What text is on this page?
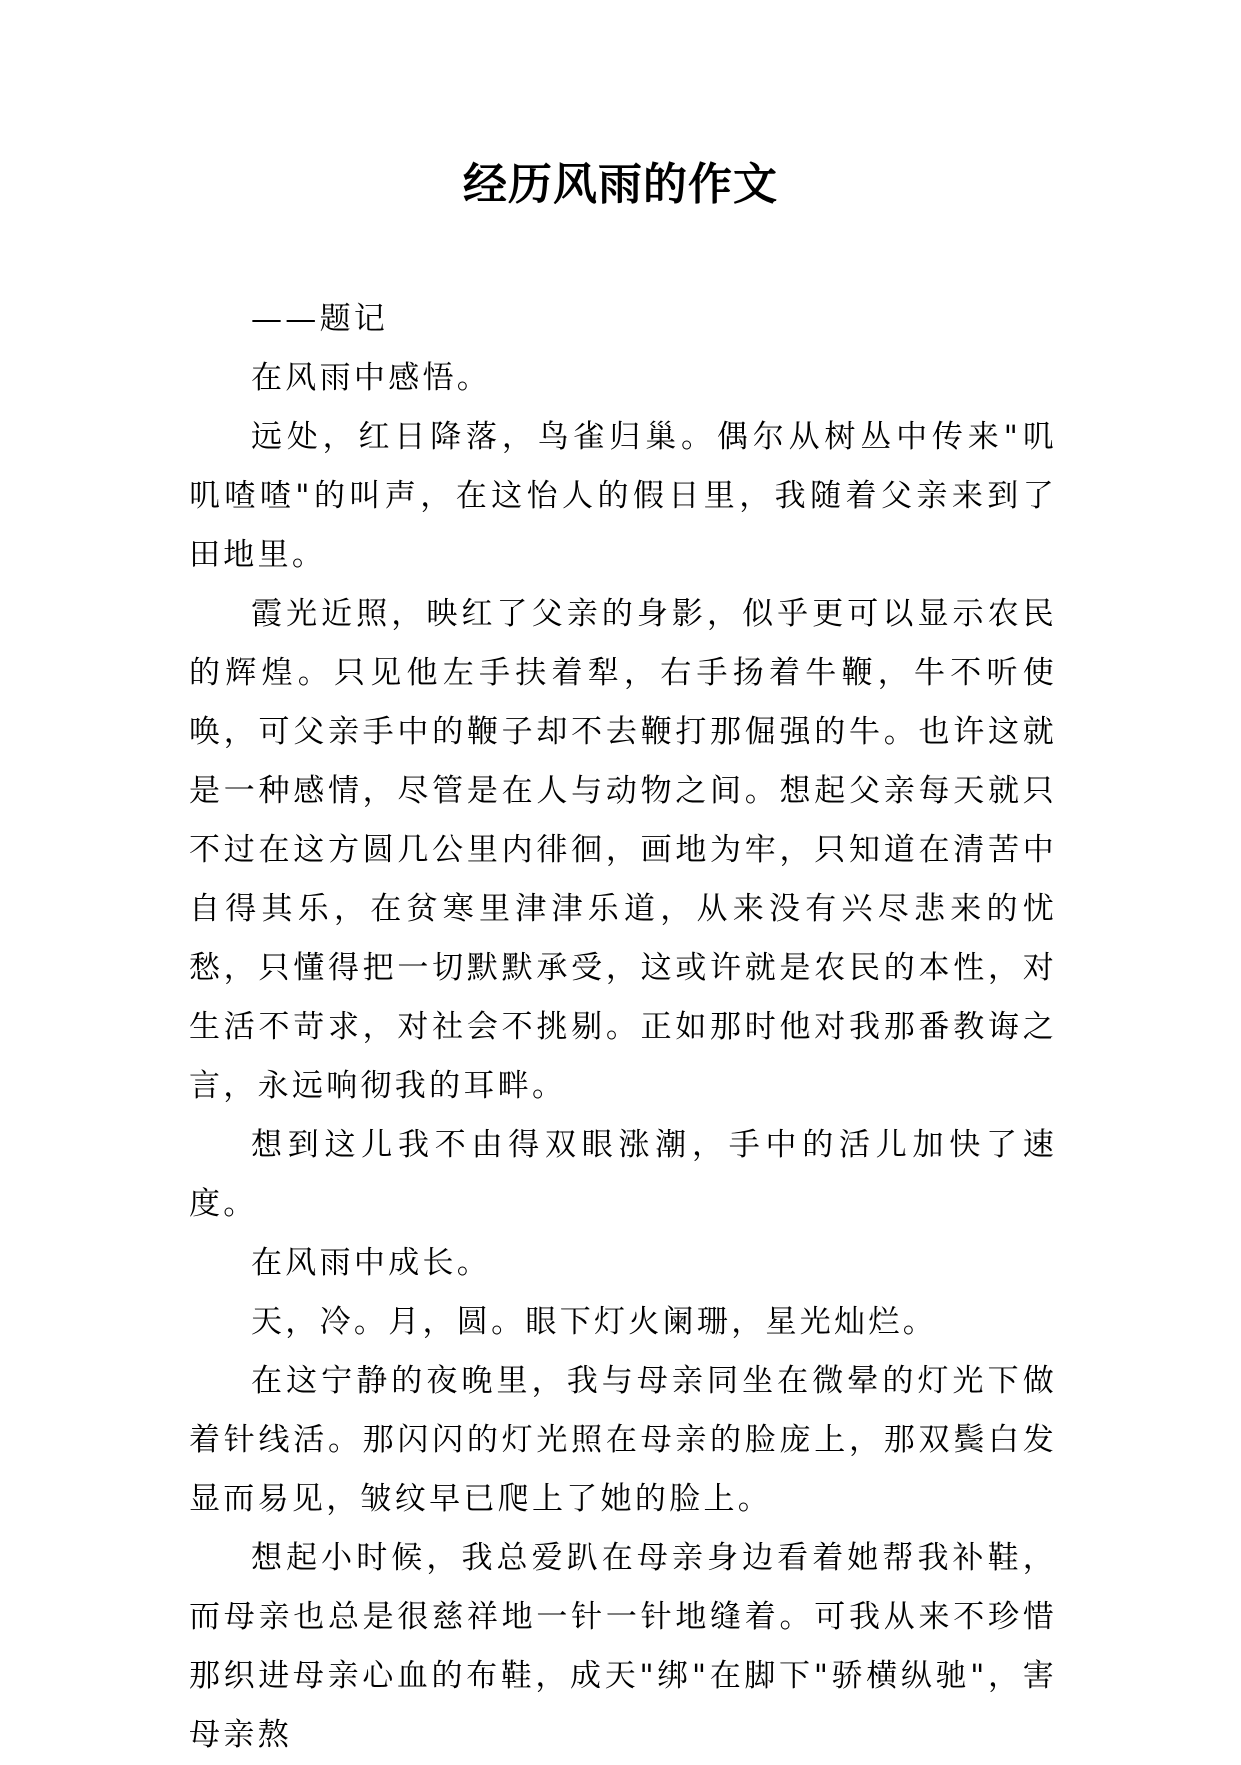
经历风雨的作文

——题记

在风雨中感悟。

远处，红日降落，鸟雀归巢。偶尔从树丛中传来"叽叽喳喳"的叫声，在这怡人的假日里，我随着父亲来到了田地里。

霞光近照，映红了父亲的身影，似乎更可以显示农民的辉煌。只见他左手扶着犁，右手扬着牛鞭，牛不听使唤，可父亲手中的鞭子却不去鞭打那倔强的牛。也许这就是一种感情，尽管是在人与动物之间。想起父亲每天就只不过在这方圆几公里内徘徊，画地为牢，只知道在清苦中自得其乐，在贫寒里津津乐道，从来没有兴尽悲来的忧愁，只懂得把一切默默承受，这或许就是农民的本性，对生活不苛求，对社会不挑剔。正如那时他对我那番教诲之言，永远响彻我的耳畔。

想到这儿我不由得双眼涨潮，手中的活儿加快了速度。

在风雨中成长。

天，冷。月，圆。眼下灯火阑珊，星光灿烂。

在这宁静的夜晚里，我与母亲同坐在微晕的灯光下做着针线活。那闪闪的灯光照在母亲的脸庞上，那双鬓白发显而易见，皱纹早已爬上了她的脸上。

想起小时候，我总爱趴在母亲身边看着她帮我补鞋，而母亲也总是很慈祥地一针一针地缝着。可我从来不珍惜那织进母亲心血的布鞋，成天"绑"在脚下"骄横纵驰"，害母亲熬
